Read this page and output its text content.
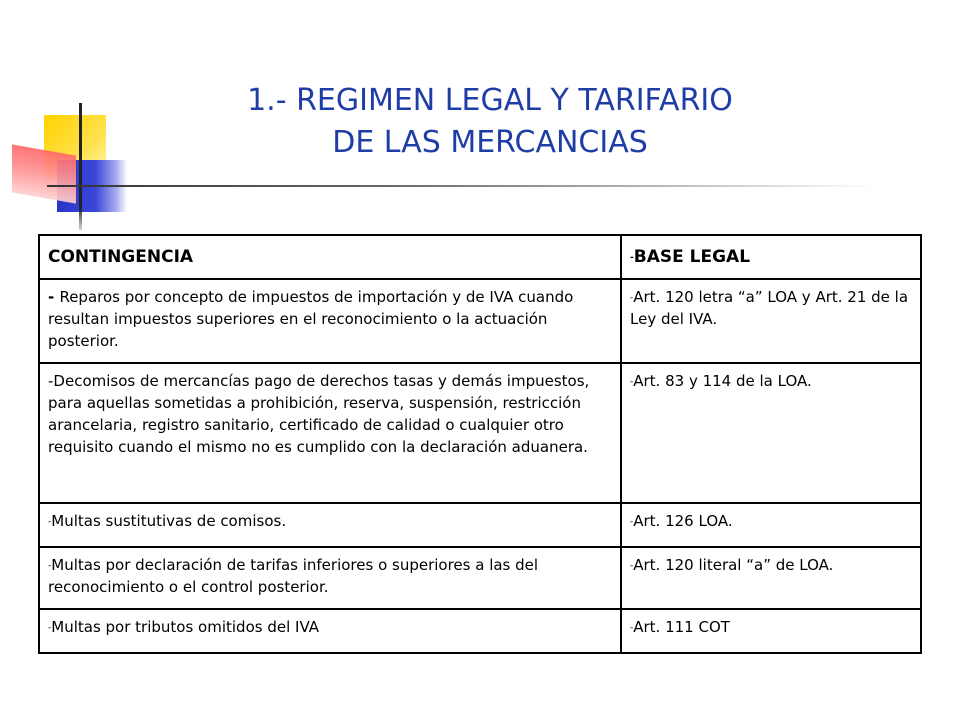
1.- REGIMEN LEGAL Y TARIFARIO
DE LAS MERCANCIAS
CONTINGENCIA	-BASE LEGAL
- Reparos por concepto de impuestos de importación y de IVA cuando resultan impuestos superiores en el reconocimiento o la actuación posterior.	-Art. 120 letra “a” LOA y Art. 21 de la Ley del IVA.
-Decomisos de mercancías pago de derechos tasas y demás impuestos, para aquellas sometidas a prohibición, reserva, suspensión, restricción arancelaria, registro sanitario, certificado de calidad o cualquier otro requisito cuando el mismo no es cumplido con la declaración aduanera.	-Art. 83 y 114 de la LOA.
-Multas sustitutivas de comisos.	-Art. 126 LOA.
-Multas por declaración de tarifas inferiores o superiores a las del reconocimiento o el control posterior.	-Art. 120 literal “a” de LOA.
-Multas por tributos omitidos del IVA	-Art. 111 COT
